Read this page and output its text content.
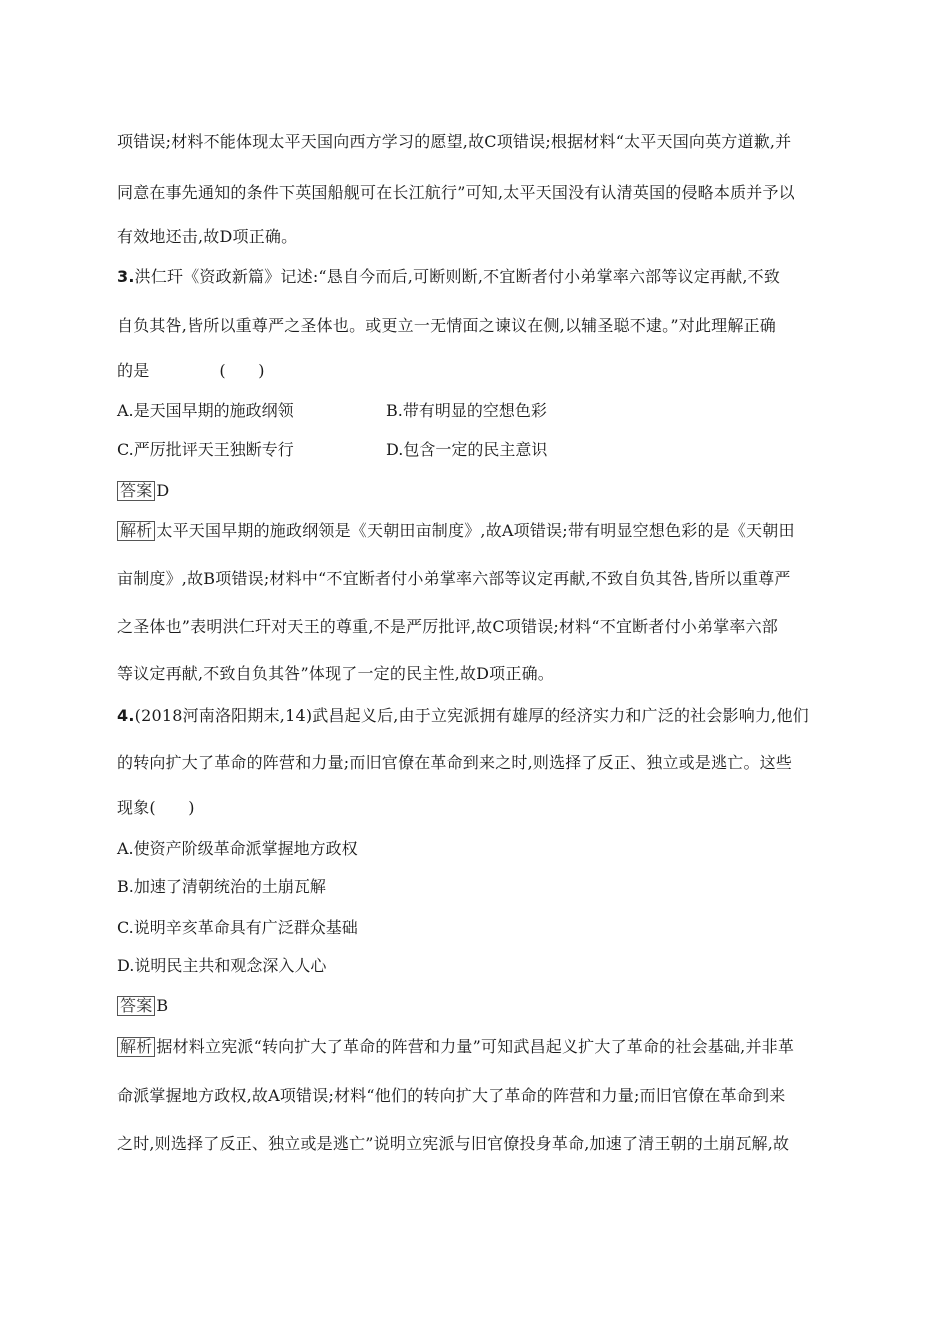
项错误;材料不能体现太平天国向西方学习的愿望,故C项错误;根据材料“太平天国向英方道歉,并
同意在事先通知的条件下英国船舰可在长江航行”可知,太平天国没有认清英国的侵略本质并予以
有效地还击,故D项正确。
3.洪仁玕《资政新篇》记述:“恳自今而后,可断则断,不宜断者付小弟掌率六部等议定再献,不致
自负其咎,皆所以重尊严之圣体也。或更立一无情面之谏议在侧,以辅圣聪不逮。”对此理解正确
的是	(　　)
A.是天国早期的施政纲领	B.带有明显的空想色彩
C.严厉批评天王独断专行	D.包含一定的民主意识
答案 D
解析 太平天国早期的施政纲领是《天朝田亩制度》,故A项错误;带有明显空想色彩的是《天朝田
亩制度》,故B项错误;材料中“不宜断者付小弟掌率六部等议定再献,不致自负其咎,皆所以重尊严
之圣体也”表明洪仁玕对天王的尊重,不是严厉批评,故C项错误;材料“不宜断者付小弟掌率六部
等议定再献,不致自负其咎”体现了一定的民主性,故D项正确。
4.(2018河南洛阳期末,14)武昌起义后,由于立宪派拥有雄厚的经济实力和广泛的社会影响力,他们
的转向扩大了革命的阵营和力量;而旧官僚在革命到来之时,则选择了反正、独立或是逃亡。这些
现象(　　)
A.使资产阶级革命派掌握地方政权
B.加速了清朝统治的土崩瓦解
C.说明辛亥革命具有广泛群众基础
D.说明民主共和观念深入人心
答案 B
解析 据材料立宪派“转向扩大了革命的阵营和力量”可知武昌起义扩大了革命的社会基础,并非革
命派掌握地方政权,故A项错误;材料“他们的转向扩大了革命的阵营和力量;而旧官僚在革命到来
之时,则选择了反正、独立或是逃亡”说明立宪派与旧官僚投身革命,加速了清王朝的土崩瓦解,故
